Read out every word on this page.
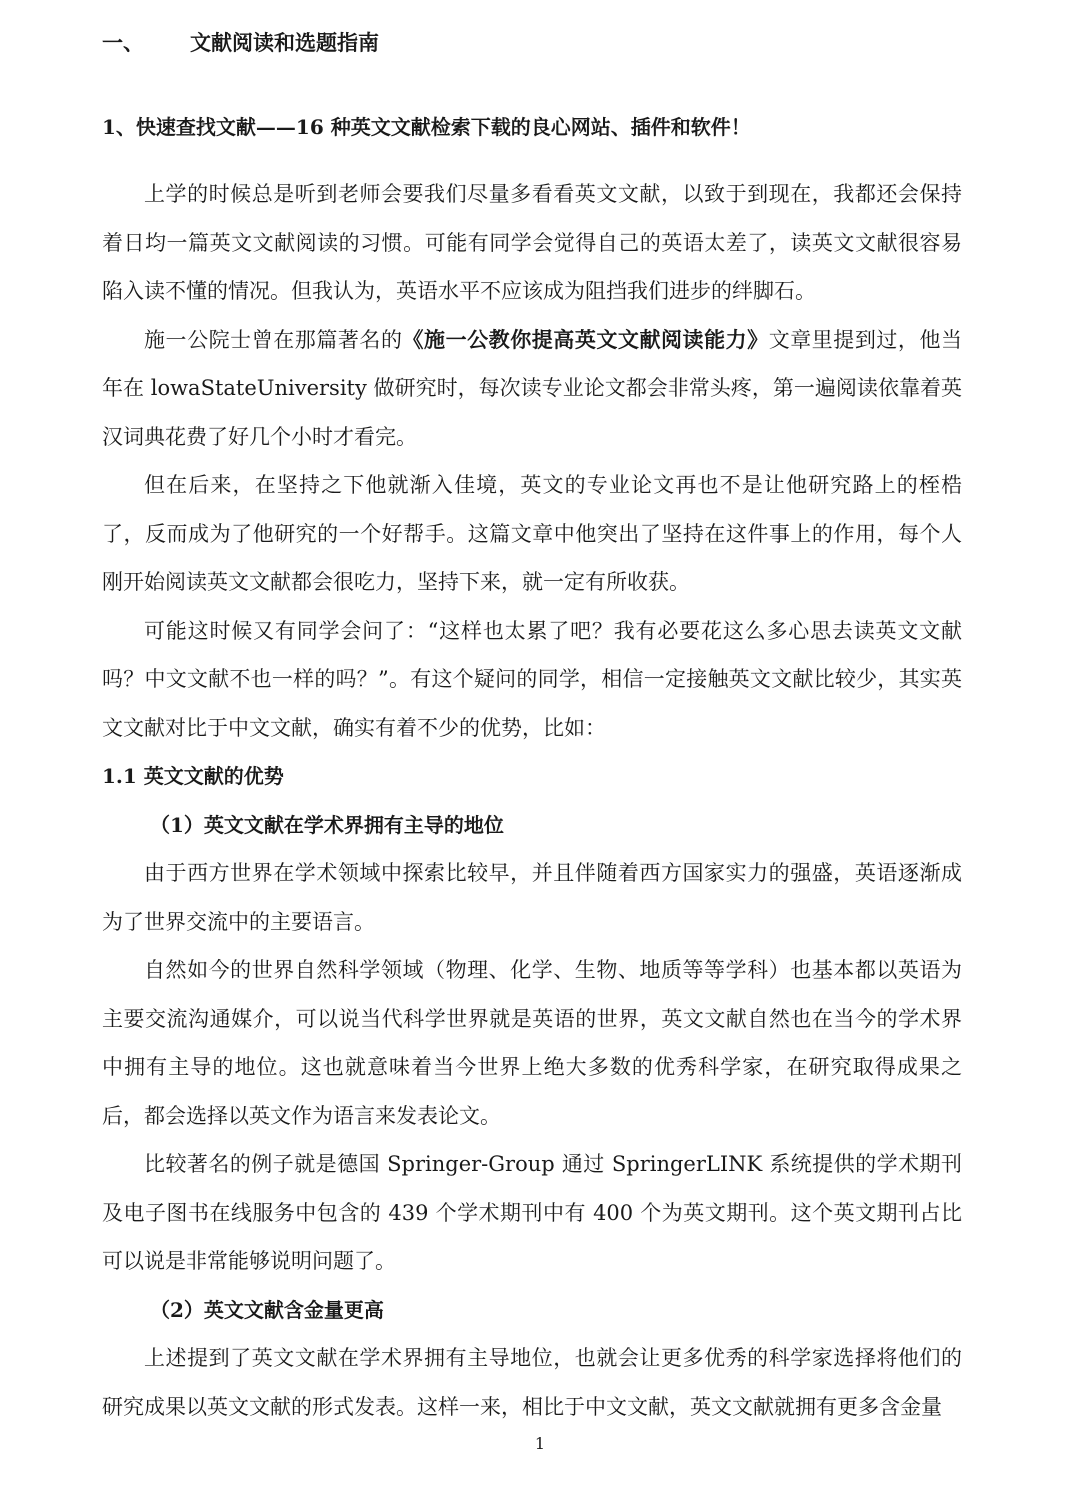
一、 文献阅读和选题指南
1、快速查找文献——16 种英文文献检索下载的良心网站、插件和软件！

上学的时候总是听到老师会要我们尽量多看看英文文献，以致于到现在，我都还会保持着日均一篇英文文献阅读的习惯。可能有同学会觉得自己的英语太差了，读英文文献很容易陷入读不懂的情况。但我认为，英语水平不应该成为阻挡我们进步的绊脚石。

施一公院士曾在那篇著名的《施一公教你提高英文文献阅读能力》文章里提到过，他当年在 lowaStateUniversity 做研究时，每次读专业论文都会非常头疼，第一遍阅读依靠着英汉词典花费了好几个小时才看完。

但在后来，在坚持之下他就渐入佳境，英文的专业论文再也不是让他研究路上的桎梏了，反而成为了他研究的一个好帮手。这篇文章中他突出了坚持在这件事上的作用，每个人刚开始阅读英文文献都会很吃力，坚持下来，就一定有所收获。

可能这时候又有同学会问了：“这样也太累了吧？我有必要花这么多心思去读英文文献吗？中文文献不也一样的吗？”。有这个疑问的同学，相信一定接触英文文献比较少，其实英文文献对比于中文文献，确实有着不少的优势，比如：

1.1 英文文献的优势
（1）英文文献在学术界拥有主导的地位

由于西方世界在学术领域中探索比较早，并且伴随着西方国家实力的强盛，英语逐渐成为了世界交流中的主要语言。

自然如今的世界自然科学领域（物理、化学、生物、地质等等学科）也基本都以英语为主要交流沟通媒介，可以说当代科学世界就是英语的世界，英文文献自然也在当今的学术界中拥有主导的地位。这也就意味着当今世界上绝大多数的优秀科学家，在研究取得成果之后，都会选择以英文作为语言来发表论文。

比较著名的例子就是德国 Springer-Group 通过 SpringerLINK 系统提供的学术期刊及电子图书在线服务中包含的 439 个学术期刊中有 400 个为英文期刊。这个英文期刊占比可以说是非常能够说明问题了。

（2）英文文献含金量更高

上述提到了英文文献在学术界拥有主导地位，也就会让更多优秀的科学家选择将他们的研究成果以英文文献的形式发表。这样一来，相比于中文文献，英文文献就拥有更多含金量

1
